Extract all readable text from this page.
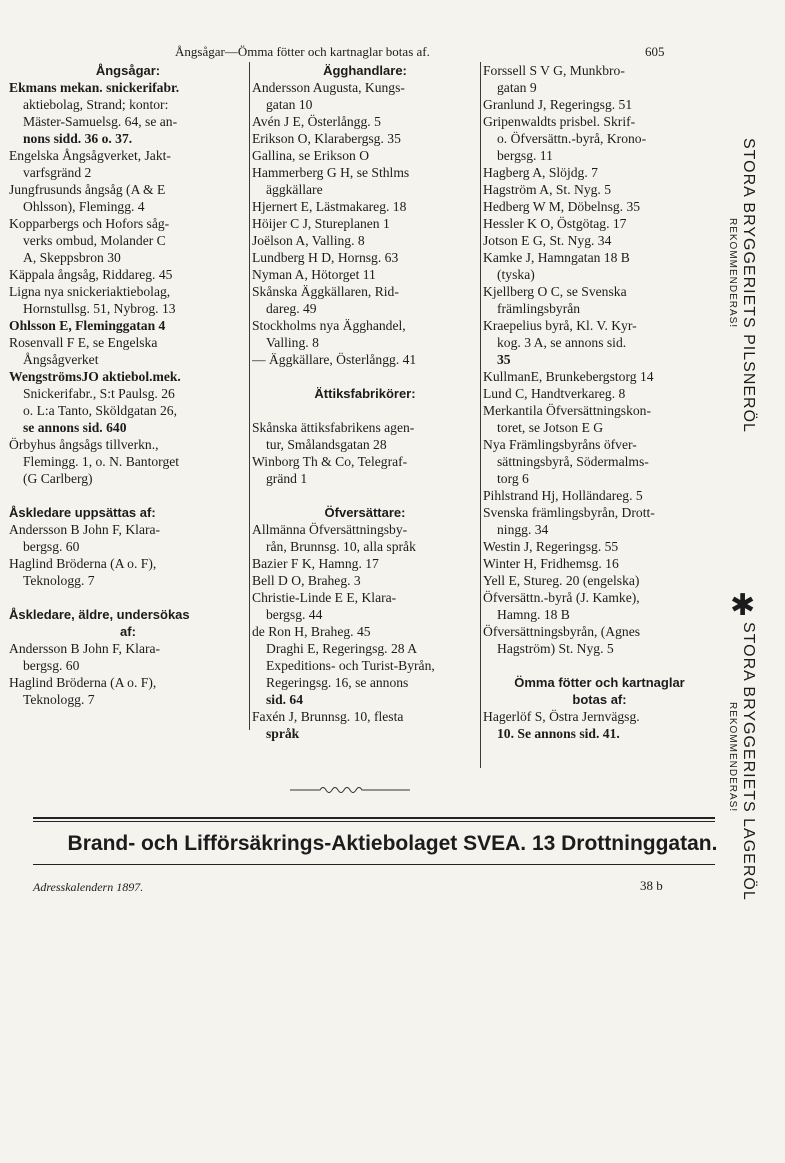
Ångsågar—Ömma fötter och kartnaglar botas af.	605
Ångsågar:
Ekmans mekan. snickerifabr.
aktiebolag, Strand; kontor:
Mäster-Samuelsg. 64, se an-
nons sidd. 36 o. 37.
Engelska Ångsågverket, Jakt-
varfsgränd 2
Jungfrusunds ångsåg (A & E
Ohlsson), Flemingg. 4
Kopparbergs och Hofors såg-
verks ombud, Molander C
A, Skeppsbron 30
Käppala ångsåg, Riddareg. 45
Ligna nya snickeriaktiebolag,
Hornstullsg. 51, Nybrog. 13
Ohlsson E, Fleminggatan 4
Rosenvall F E, se Engelska
Ångsågverket
WengströmsJO aktiebol.mek.
Snickerifabr., S:t Paulsg. 26
o. L:a Tanto, Sköldgatan 26,
se annons sid. 640
Örbyhus ångsågs tillverkn.,
Flemingg. 1, o. N. Bantorget
(G Carlberg)
Åskledare uppsättas af:
Andersson B John F, Klara-
bergsg. 60
Haglind Bröderna (A o. F),
Teknologg. 7
Åskledare, äldre, undersökas
af:
Andersson B John F, Klara-
bergsg. 60
Haglind Bröderna (A o. F),
Teknologg. 7
Ägghandlare:
Andersson Augusta, Kungs-
gatan 10
Avén J E, Österlångg. 5
Erikson O, Klarabergsg. 35
Gallina, se Erikson O
Hammerberg G H, se Sthlms
äggkällare
Hjernert E, Lästmakareg. 18
Höijer C J, Stureplanen 1
Joëlson A, Valling. 8
Lundberg H D, Hornsg. 63
Nyman A, Hötorget 11
Skånska Äggkällaren, Rid-
dareg. 49
Stockholms nya Ägghandel,
Valling. 8
— Äggkällare, Österlångg. 41
Ättiksfabrikörer:
Skånska ättiksfabrikens agen-
tur, Smålandsgatan 28
Winborg Th & Co, Telegraf-
gränd 1
Öfversättare:
Allmänna Öfversättningsby-
rån, Brunnsg. 10, alla språk
Bazier F K, Hamng. 17
Bell D O, Braheg. 3
Christie-Linde E E, Klara-
bergsg. 44
de Ron H, Braheg. 45
Draghi E, Regeringsg. 28 A
Expeditions- och Turist-Byrån,
Regeringsg. 16, se annons
sid. 64
Faxén J, Brunnsg. 10, flesta
språk
Forssell S V G, Munkbro-
gatan 9
Granlund J, Regeringsg. 51
Gripenwaldts prisbel. Skrif-
o. Öfversättn.-byrå, Krono-
bergsg. 11
Hagberg A, Slöjdg. 7
Hagström A, St. Nyg. 5
Hedberg W M, Döbelnsg. 35
Hessler K O, Östgötag. 17
Jotson E G, St. Nyg. 34
Kamke J, Hamngatan 18 B
(tyska)
Kjellberg O C, se Svenska
främlingsbyrån
Kraepelius byrå, Kl. V. Kyr-
kog. 3 A, se annons sid.
35
KullmanE, Brunkebergstorg 14
Lund C, Handtverkareg. 8
Merkantila Öfversättningskon-
toret, se Jotson E G
Nya Främlingsbyråns öfver-
sättningsbyrå, Södermalms-
torg 6
Pihlstrand Hj, Holländareg. 5
Svenska främlingsbyrån, Drott-
ningg. 34
Westin J, Regeringsg. 55
Winter H, Fridhemsg. 16
Yell E, Stureg. 20 (engelska)
Öfversättn.-byrå (J. Kamke),
Hamng. 18 B
Öfversättningsbyrån, (Agnes
Hagström) St. Nyg. 5
Ömma fötter och kartnaglar
botas af:
Hagerlöf S, Östra Jernvägsg.
10. Se annons sid. 41.
STORA BRYGGERIETS PILSNERÖL
REKOMMENDERAS!
✱
STORA BRYGGERIETS LAGERÖL
REKOMMENDERAS!
Brand- och Lifförsäkrings-Aktiebolaget SVEA. 13 Drottninggatan.
Adresskalendern 1897.	38 b
